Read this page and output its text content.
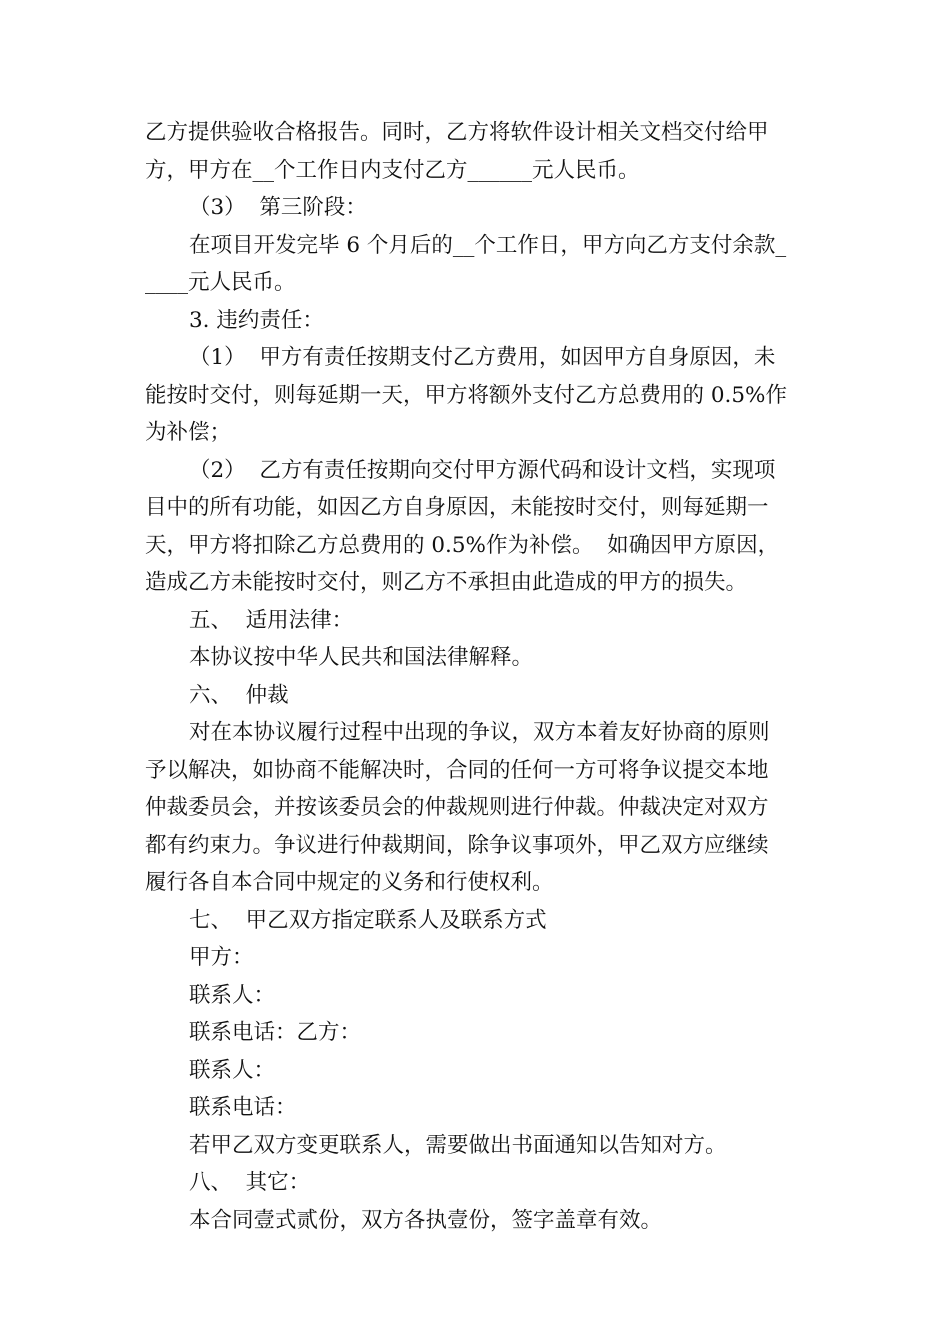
乙方提供验收合格报告。同时，乙方将软件设计相关文档交付给甲
方，甲方在__个工作日内支付乙方______元人民币。
（3）  第三阶段：
在项目开发完毕 6 个月后的__个工作日，甲方向乙方支付余款_
____元人民币。
3. 违约责任：
（1）  甲方有责任按期支付乙方费用，如因甲方自身原因，未
能按时交付，则每延期一天，甲方将额外支付乙方总费用的 0.5%作
为补偿；
（2）  乙方有责任按期向交付甲方源代码和设计文档，实现项
目中的所有功能，如因乙方自身原因，未能按时交付，则每延期一
天，甲方将扣除乙方总费用的 0.5%作为补偿。  如确因甲方原因，
造成乙方未能按时交付，则乙方不承担由此造成的甲方的损失。
五、  适用法律：
本协议按中华人民共和国法律解释。
六、  仲裁
对在本协议履行过程中出现的争议，双方本着友好协商的原则
予以解决，如协商不能解决时，合同的任何一方可将争议提交本地
仲裁委员会，并按该委员会的仲裁规则进行仲裁。仲裁决定对双方
都有约束力。争议进行仲裁期间，除争议事项外，甲乙双方应继续
履行各自本合同中规定的义务和行使权利。
七、  甲乙双方指定联系人及联系方式
甲方：
联系人：
联系电话：乙方：
联系人：
联系电话：
若甲乙双方变更联系人，需要做出书面通知以告知对方。
八、  其它：
本合同壹式贰份，双方各执壹份，签字盖章有效。
